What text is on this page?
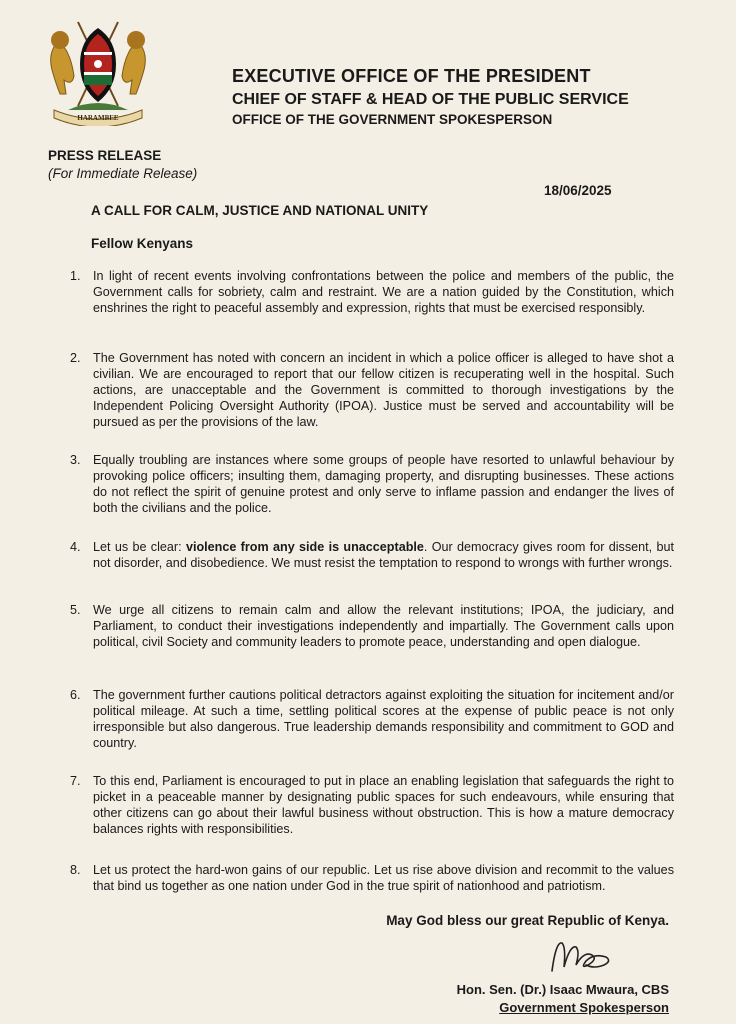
HARAMBEE
EXECUTIVE OFFICE OF THE PRESIDENT
CHIEF OF STAFF & HEAD OF THE PUBLIC SERVICE
OFFICE OF THE GOVERNMENT SPOKESPERSON
PRESS RELEASE
(For Immediate Release)
18/06/2025
A CALL FOR CALM, JUSTICE AND NATIONAL UNITY
Fellow Kenyans
1. In light of recent events involving confrontations between the police and members of the public, the Government calls for sobriety, calm and restraint. We are a nation guided by the Constitution, which enshrines the right to peaceful assembly and expression, rights that must be exercised responsibly.
2. The Government has noted with concern an incident in which a police officer is alleged to have shot a civilian. We are encouraged to report that our fellow citizen is recuperating well in the hospital. Such actions, are unacceptable and the Government is committed to thorough investigations by the Independent Policing Oversight Authority (IPOA). Justice must be served and accountability will be pursued as per the provisions of the law.
3. Equally troubling are instances where some groups of people have resorted to unlawful behaviour by provoking police officers; insulting them, damaging property, and disrupting businesses. These actions do not reflect the spirit of genuine protest and only serve to inflame passion and endanger the lives of both the civilians and the police.
4. Let us be clear: violence from any side is unacceptable. Our democracy gives room for dissent, but not disorder, and disobedience. We must resist the temptation to respond to wrongs with further wrongs.
5. We urge all citizens to remain calm and allow the relevant institutions; IPOA, the judiciary, and Parliament, to conduct their investigations independently and impartially. The Government calls upon political, civil Society and community leaders to promote peace, understanding and open dialogue.
6. The government further cautions political detractors against exploiting the situation for incitement and/or political mileage. At such a time, settling political scores at the expense of public peace is not only irresponsible but also dangerous. True leadership demands responsibility and commitment to GOD and country.
7. To this end, Parliament is encouraged to put in place an enabling legislation that safeguards the right to picket in a peaceable manner by designating public spaces for such endeavours, while ensuring that other citizens can go about their lawful business without obstruction. This is how a mature democracy balances rights with responsibilities.
8. Let us protect the hard-won gains of our republic. Let us rise above division and recommit to the values that bind us together as one nation under God in the true spirit of nationhood and patriotism.
May God bless our great Republic of Kenya.
Hon. Sen. (Dr.) Isaac Mwaura, CBS
Government Spokesperson
